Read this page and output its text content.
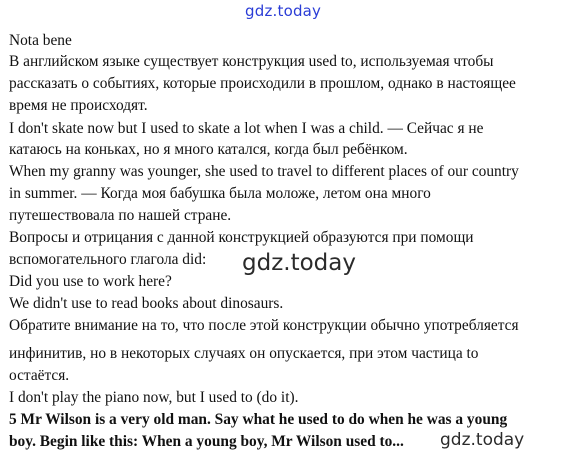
gdz.today

Nota bene

В английском языке существует конструкция used to, используемая чтобы

рассказать о событиях, которые происходили в прошлом, однако в настоящее

время не происходят.

I don't skate now but I used to skate a lot when I was a child. — Сейчас я не

катаюсь на коньках, но я много катался, когда был ребёнком.

When my granny was younger, she used to travel to different places of our country

in summer. — Когда моя бабушка была моложе, летом она много

путешествовала по нашей стране.

Вопросы и отрицания с данной конструкцией образуются при помощи

вспомогательного глагола did:

Did you use to work here?

We didn't use to read books about dinosaurs.

Обратите внимание на то, что после этой конструкции обычно употребляется

инфинитив, но в некоторых случаях он опускается, при этом частица to

остаётся.

I don't play the piano now, but I used to (do it).

5 Mr Wilson is a very old man. Say what he used to do when he was a young

boy. Begin like this: When a young boy, Mr Wilson used to...

gdz.today
gdz.today
